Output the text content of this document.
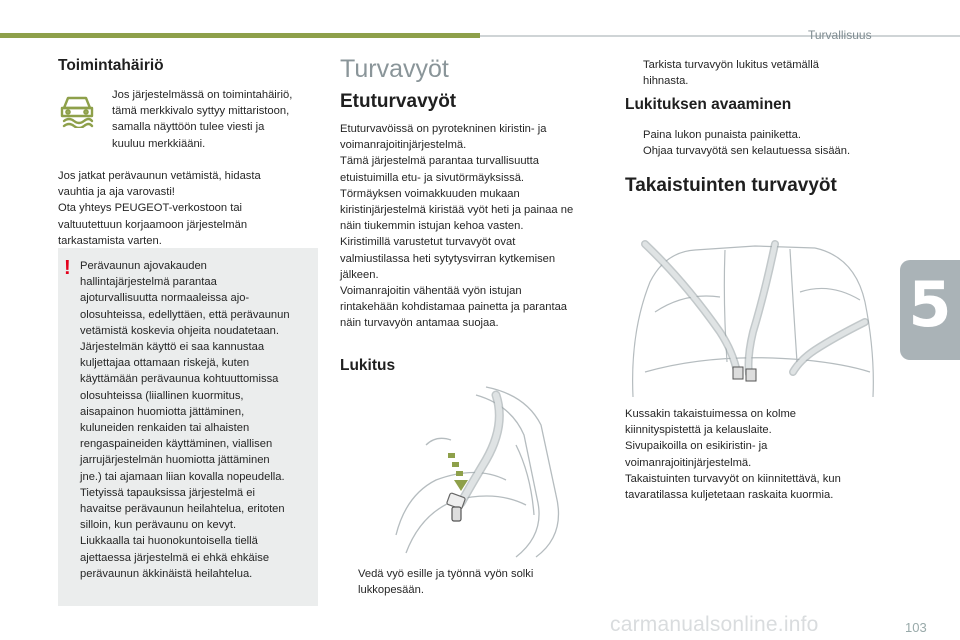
Turvallisuus
5
Toimintahäiriö
Jos järjestelmässä on toimintahäiriö,
tämä merkkivalo syttyy mittaristoon,
samalla näyttöön tulee viesti ja
kuuluu merkkiääni.
Jos jatkat perävaunun vetämistä, hidasta
vauhtia ja aja varovasti!
Ota yhteys PEUGEOT-verkostoon tai
valtuutettuun korjaamoon järjestelmän
tarkastamista varten.
! Perävaunun ajovakauden
hallintajärjestelmä parantaa
ajoturvallisuutta normaaleissa ajo-
olosuhteissa, edellyttäen, että perävaunun
vetämistä koskevia ohjeita noudatetaan.
Järjestelmän käyttö ei saa kannustaa
kuljettajaa ottamaan riskejä, kuten
käyttämään perävaunua kohtuuttomissa
olosuhteissa (liiallinen kuormitus,
aisapainon huomiotta jättäminen,
kuluneiden renkaiden tai alhaisten
rengaspaineiden käyttäminen, viallisen
jarrujärjestelmän huomiotta jättäminen
jne.) tai ajamaan liian kovalla nopeudella.
Tietyissä tapauksissa järjestelmä ei
havaitse perävaunun heilahtelua, eritoten
silloin, kun perävaunu on kevyt.
Liukkaalla tai huonokuntoisella tiellä
ajettaessa järjestelmä ei ehkä ehkäise
perävaunun äkkinäistä heilahtelua.
Turvavyöt
Etuturvavyöt
Etuturvavöissä on pyrotekninen kiristin- ja
voimanrajoitinjärjestelmä.
Tämä järjestelmä parantaa turvallisuutta
etuistuimilla etu- ja sivutörmäyksissä.
Törmäyksen voimakkuuden mukaan
kiristinjärjestelmä kiristää vyöt heti ja painaa ne
näin tiukemmin istujan kehoa vasten.
Kiristimillä varustetut turvavyöt ovat
valmiustilassa heti sytytysvirran kytkemisen
jälkeen.
Voimanrajoitin vähentää vyön istujan
rintakehään kohdistamaa painetta ja parantaa
näin turvavyön antamaa suojaa.
Lukitus
Vedä vyö esille ja työnnä vyön solki
lukkopesään.
Tarkista turvavyön lukitus vetämällä
hihnasta.
Lukituksen avaaminen
Paina lukon punaista painiketta.
Ohjaa turvavyötä sen kelautuessa sisään.
Takaistuinten turvavyöt
Kussakin takaistuimessa on kolme
kiinnityspistettä ja kelauslaite.
Sivupaikoilla on esikiristin- ja
voimanrajoitinjärjestelmä.
Takaistuinten turvavyöt on kiinnitettävä, kun
tavaratilassa kuljetetaan raskaita kuormia.
carmanualsonline.info	103
